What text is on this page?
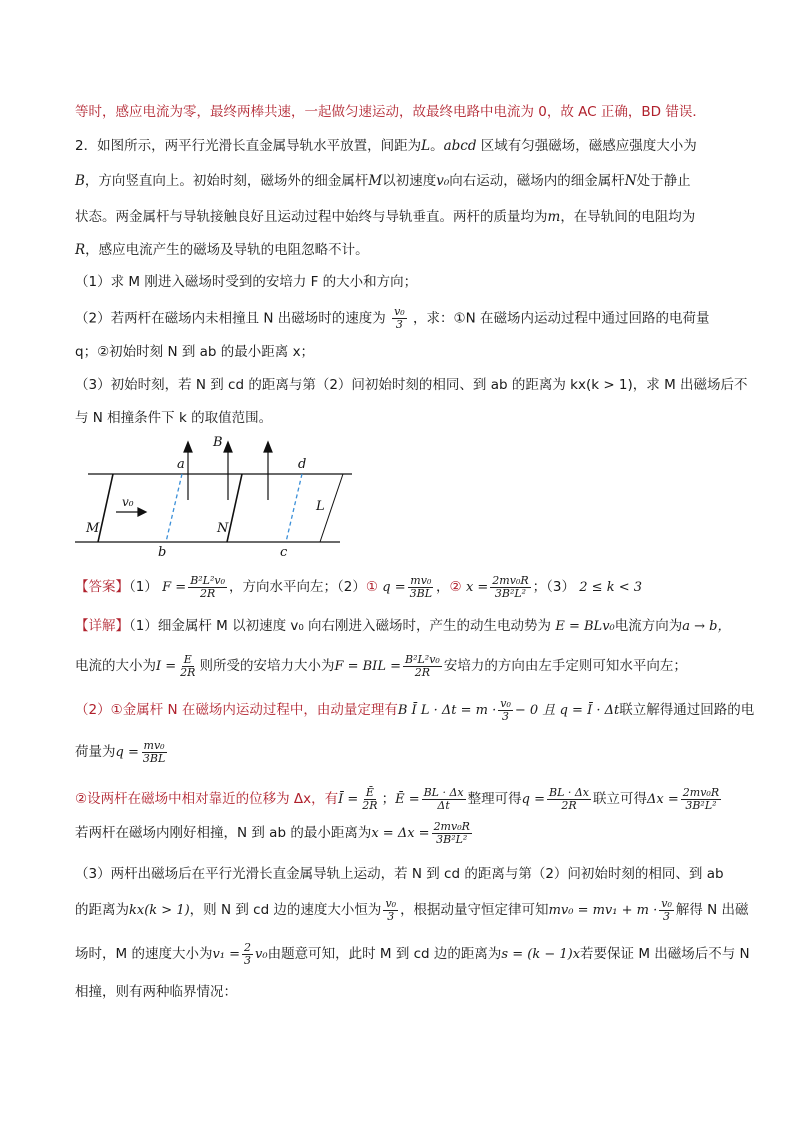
等时，感应电流为零，最终两棒共速，一起做匀速运动，故最终电路中电流为 0，故 AC 正确，BD 错误．
2．如图所示，两平行光滑长直金属导轨水平放置，间距为L。abcd 区域有匀强磁场，磁感应强度大小为
B，方向竖直向上。初始时刻，磁场外的细金属杆M以初速度v₀向右运动，磁场内的细金属杆N处于静止
状态。两金属杆与导轨接触良好且运动过程中始终与导轨垂直。两杆的质量均为m，在导轨间的电阻均为
R，感应电流产生的磁场及导轨的电阻忽略不计。
（1）求 M 刚进入磁场时受到的安培力 F 的大小和方向；
（2）若两杆在磁场内未相撞且 N 出磁场时的速度为 $\frac{\text{v₀}}{3}$ ，求：①N 在磁场内运动过程中通过回路的电荷量
q；②初始时刻 N 到 ab 的最小距离 x；
（3）初始时刻，若 N 到 cd 的距离与第（2）问初始时刻的相同、到 ab 的距离为 kx(k > 1)，求 M 出磁场后不
与 N 相撞条件下 k 的取值范围。
a	d
b	c
B
M	N
L
v₀
【答案】（1） $F = \frac{\text{B²L²v₀}}{2R}$ ，方向水平向左；（2）① $q = \frac{\text{mv₀}}{3BL}$ ，② $x = \frac{\text{2mv₀R}}{\text{3B²L²}}$ ；（3） 2 ≤ k < 3
【详解】（1）细金属杆 M 以初速度 v₀ 向右刚进入磁场时，产生的动生电动势为 E = BLv₀电流方向为a → b，
电流的大小为$I = \frac{E}{2R}$ 则所受的安培力大小为F = BIL = $\frac{\text{B²L²v₀}}{2R}$ 安培力的方向由左手定则可知水平向左；
（2）①金属杆 N 在磁场内运动过程中，由动量定理有B Ī $L \cdot \Delta t = m \cdot \frac{\text{v₀}}{3} - 0$ 且 q = Ī · Δt联立解得通过回路的电
荷量为$q = \frac{\text{mv₀}}{3BL}$
②设两杆在磁场中相对靠近的位移为 Δx，有Ī = $\frac{Ē}{2R}$ ；Ē = $\frac{BL \cdot \Delta x}{\Delta t}$ 整理可得$q = \frac{BL \cdot \Delta x}{2R}$ 联立可得$\Delta x = \frac{\text{2mv₀R}}{\text{3B²L²}}$
若两杆在磁场内刚好相撞，N 到 ab 的最小距离为$x = \Delta x = \frac{\text{2mv₀R}}{\text{3B²L²}}$
（3）两杆出磁场后在平行光滑长直金属导轨上运动，若 N 到 cd 的距离与第（2）问初始时刻的相同、到 ab
的距离为kx(k > 1)，则 N 到 cd 边的速度大小恒为 $\frac{\text{v₀}}{3}$ ，根据动量守恒定律可知$mv_0 = mv_1 + m \cdot \frac{\text{v₀}}{3}$ 解得 N 出磁
场时，M 的速度大小为$v_1 = \frac{2}{3} v_0$由题意可知，此时 M 到 cd 边的距离为s = (k − 1)x若要保证 M 出磁场后不与 N
相撞，则有两种临界情况：
